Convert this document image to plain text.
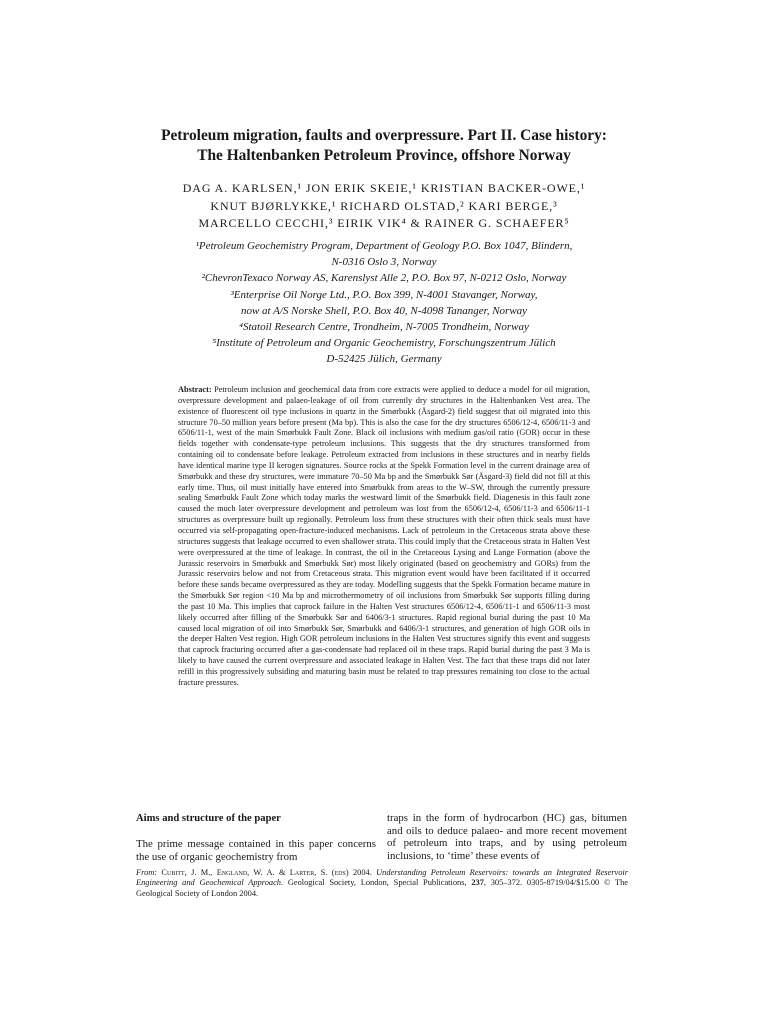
Petroleum migration, faults and overpressure. Part II. Case history:
The Haltenbanken Petroleum Province, offshore Norway
DAG A. KARLSEN,¹ JON ERIK SKEIE,¹ KRISTIAN BACKER-OWE,¹
KNUT BJØRLYKKE,¹ RICHARD OLSTAD,² KARI BERGE,³
MARCELLO CECCHI,³ EIRIK VIK⁴ & RAINER G. SCHAEFER⁵
¹Petroleum Geochemistry Program, Department of Geology P.O. Box 1047, Blindern,
N-0316 Oslo 3, Norway
²ChevronTexaco Norway AS, Karenslyst Alle 2, P.O. Box 97, N-0212 Oslo, Norway
³Enterprise Oil Norge Ltd., P.O. Box 399, N-4001 Stavanger, Norway,
now at A/S Norske Shell, P.O. Box 40, N-4098 Tananger, Norway
⁴Statoil Research Centre, Trondheim, N-7005 Trondheim, Norway
⁵Institute of Petroleum and Organic Geochemistry, Forschungszentrum Jülich
D-52425 Jülich, Germany

Abstract: Petroleum inclusion and geochemical data from core extracts were applied to deduce a model for oil migration, overpressure development and palaeo-leakage of oil from currently dry structures in the Haltenbanken Vest area. The existence of fluorescent oil type inclusions in quartz in the Smørbukk (Åsgard-2) field suggest that oil migrated into this structure 70–50 million years before present (Ma bp). This is also the case for the dry structures 6506/12-4, 6506/11-3 and 6506/11-1, west of the main Smørbukk Fault Zone. Black oil inclusions with medium gas/oil ratio (GOR) occur in these fields together with condensate-type petroleum inclusions. This suggests that the dry structures transformed from containing oil to condensate before leakage. Petroleum extracted from inclusions in these structures and in nearby fields have identical marine type II kerogen signatures. Source rocks at the Spekk Formation level in the current drainage area of Smørbukk and these dry structures, were immature 70–50 Ma bp and the Smørbukk Sør (Åsgard-3) field did not fill at this early time. Thus, oil must initially have entered into Smørbukk from areas to the W–SW, through the currently pressure sealing Smørbukk Fault Zone which today marks the westward limit of the Smørbukk field. Diagenesis in this fault zone caused the much later overpressure development and petroleum was lost from the 6506/12-4, 6506/11-3 and 6506/11-1 structures as overpressure built up regionally. Petroleum loss from these structures with their often thick seals must have occurred via self-propagating open-fracture-induced mechanisms. Lack of petroleum in the Cretaceous strata above these structures suggests that leakage occurred to even shallower strata. This could imply that the Cretaceous strata in Halten Vest were overpressured at the time of leakage. In contrast, the oil in the Cretaceous Lysing and Lange Formation (above the Jurassic reservoirs in Smørbukk and Smørbukk Sør) most likely originated (based on geochemistry and GORs) from the Jurassic reservoirs below and not from Cretaceous strata. This migration event would have been facilitated if it occurred before these sands became overpressured as they are today. Modelling suggests that the Spekk Formation became mature in the Smørbukk Sør region <10 Ma bp and microthermometry of oil inclusions from Smørbukk Sør supports filling during the past 10 Ma. This implies that caprock failure in the Halten Vest structures 6506/12-4, 6506/11-1 and 6506/11-3 most likely occurred after filling of the Smørbukk Sør and 6406/3-1 structures. Rapid regional burial during the past 10 Ma caused local migration of oil into Smørbukk Sør, Smørbukk and 6406/3-1 structures, and generation of high GOR oils in the deeper Halten Vest region. High GOR petroleum inclusions in the Halten Vest structures signify this event and suggests that caprock fracturing occurred after a gas-condensate had replaced oil in these traps. Rapid burial during the past 3 Ma is likely to have caused the current overpressure and associated leakage in Halten Vest. The fact that these traps did not later refill in this progressively subsiding and maturing basin must be related to trap pressures remaining too close to the actual fracture pressures.

Aims and structure of the paper

The prime message contained in this paper concerns the use of organic geochemistry from

traps in the form of hydrocarbon (HC) gas, bitumen and oils to deduce palaeo- and more recent movement of petroleum into traps, and by using petroleum inclusions, to ‘time’ these events of

From: Cubitt, J. M., England, W. A. & Larter, S. (eds) 2004. Understanding Petroleum Reservoirs: towards an Integrated Reservoir Engineering and Geochemical Approach. Geological Society, London, Special Publications, 237, 305–372. 0305-8719/04/$15.00 © The Geological Society of London 2004.
